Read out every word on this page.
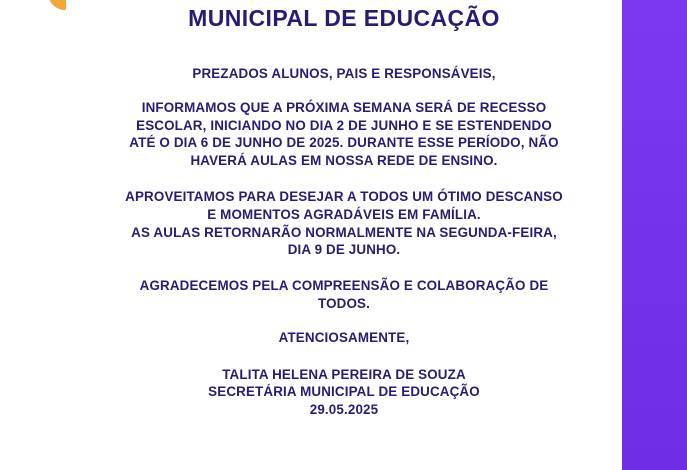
MUNICIPAL DE EDUCAÇÃO

PREZADOS ALUNOS, PAIS E RESPONSÁVEIS,

INFORMAMOS QUE A PRÓXIMA SEMANA SERÁ DE RECESSO
ESCOLAR, INICIANDO NO DIA 2 DE JUNHO E SE ESTENDENDO
ATÉ O DIA 6 DE JUNHO DE 2025. DURANTE ESSE PERÍODO, NÃO
HAVERÁ AULAS EM NOSSA REDE DE ENSINO.

APROVEITAMOS PARA DESEJAR A TODOS UM ÓTIMO DESCANSO
E MOMENTOS AGRADÁVEIS EM FAMÍLIA.
AS AULAS RETORNARÃO NORMALMENTE NA SEGUNDA-FEIRA,
DIA 9 DE JUNHO.

AGRADECEMOS PELA COMPREENSÃO E COLABORAÇÃO DE
TODOS.

ATENCIOSAMENTE,

TALITA HELENA PEREIRA DE SOUZA

SECRETÁRIA MUNICIPAL DE EDUCAÇÃO

29.05.2025
